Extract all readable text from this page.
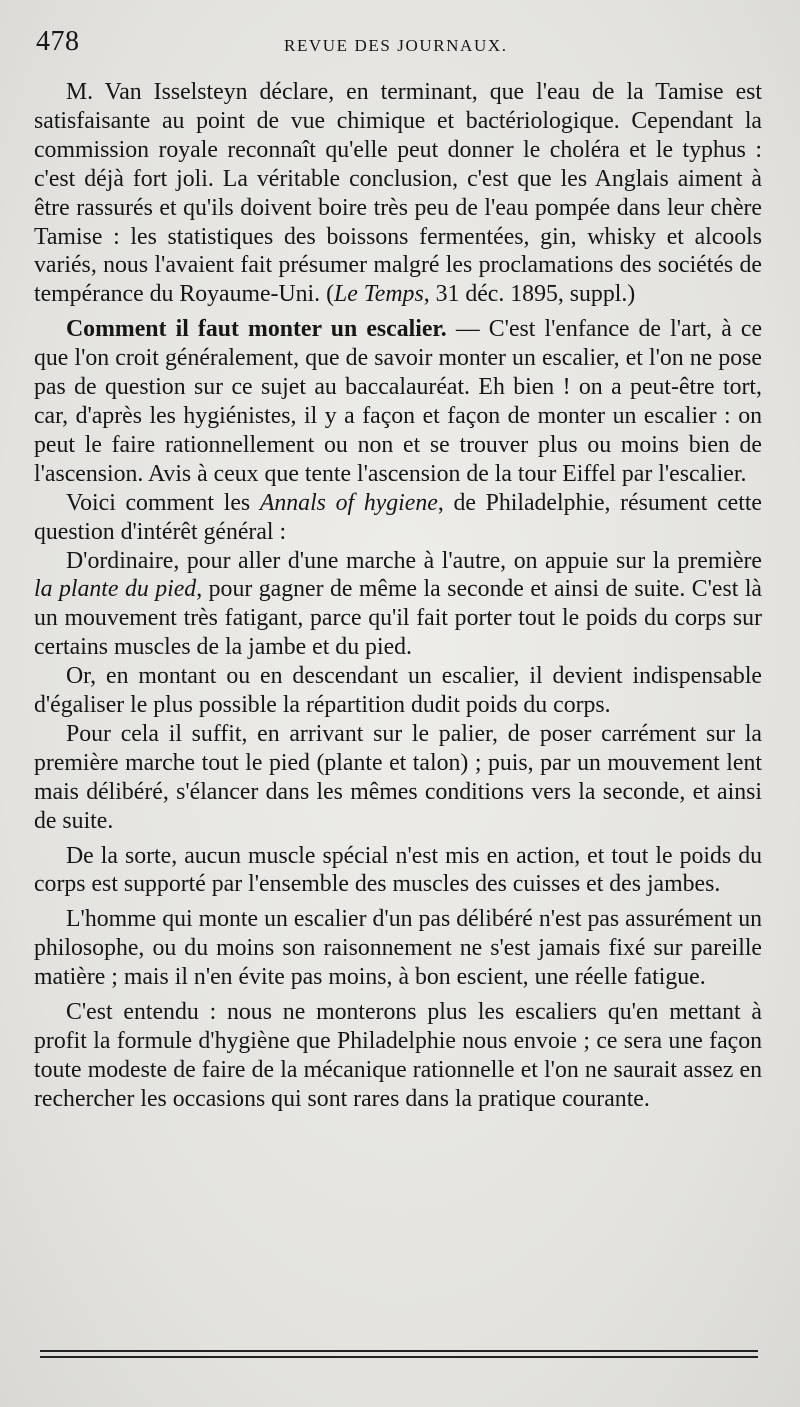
478	REVUE DES JOURNAUX.

M. Van Isselsteyn déclare, en terminant, que l'eau de la Tamise est satisfaisante au point de vue chimique et bactériologique. Cependant la commission royale reconnaît qu'elle peut donner le choléra et le typhus : c'est déjà fort joli. La véritable conclusion, c'est que les Anglais aiment à être rassurés et qu'ils doivent boire très peu de l'eau pompée dans leur chère Tamise : les statistiques des boissons fermentées, gin, whisky et alcools variés, nous l'avaient fait présumer malgré les proclamations des sociétés de tempérance du Royaume-Uni. (Le Temps, 31 déc. 1895, suppl.)

Comment il faut monter un escalier. — C'est l'enfance de l'art, à ce que l'on croit généralement, que de savoir monter un escalier, et l'on ne pose pas de question sur ce sujet au baccalauréat. Eh bien ! on a peut-être tort, car, d'après les hygiénistes, il y a façon et façon de monter un escalier : on peut le faire rationnellement ou non et se trouver plus ou moins bien de l'ascension. Avis à ceux que tente l'ascension de la tour Eiffel par l'escalier.

Voici comment les Annals of hygiene, de Philadelphie, résument cette question d'intérêt général :

D'ordinaire, pour aller d'une marche à l'autre, on appuie sur la première la plante du pied, pour gagner de même la seconde et ainsi de suite. C'est là un mouvement très fatigant, parce qu'il fait porter tout le poids du corps sur certains muscles de la jambe et du pied.

Or, en montant ou en descendant un escalier, il devient indispensable d'égaliser le plus possible la répartition dudit poids du corps.

Pour cela il suffit, en arrivant sur le palier, de poser carrément sur la première marche tout le pied (plante et talon) ; puis, par un mouvement lent mais délibéré, s'élancer dans les mêmes conditions vers la seconde, et ainsi de suite.

De la sorte, aucun muscle spécial n'est mis en action, et tout le poids du corps est supporté par l'ensemble des muscles des cuisses et des jambes.

L'homme qui monte un escalier d'un pas délibéré n'est pas assurément un philosophe, ou du moins son raisonnement ne s'est jamais fixé sur pareille matière ; mais il n'en évite pas moins, à bon escient, une réelle fatigue.

C'est entendu : nous ne monterons plus les escaliers qu'en mettant à profit la formule d'hygiène que Philadelphie nous envoie ; ce sera une façon toute modeste de faire de la mécanique rationnelle et l'on ne saurait assez en rechercher les occasions qui sont rares dans la pratique courante.
